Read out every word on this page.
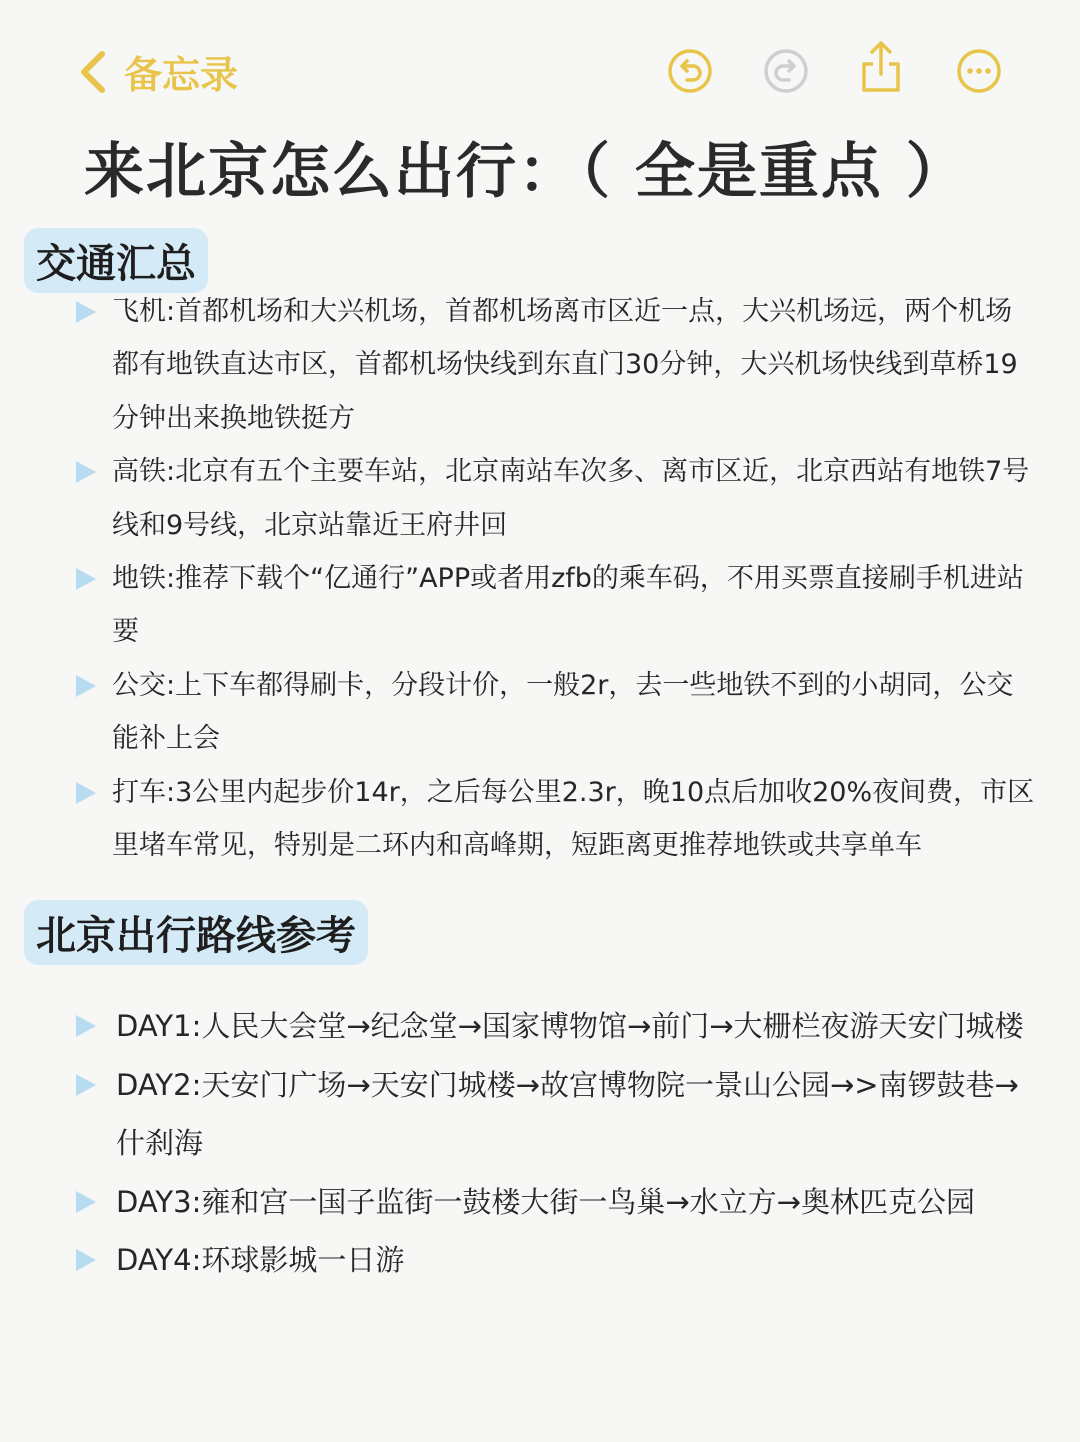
备忘录
来北京怎么出行：（ 全是重点 ）
交通汇总
飞机:首都机场和大兴机场，首都机场离市区近一点，大兴机场远，两个机场都有地铁直达市区，首都机场快线到东直门30分钟，大兴机场快线到草桥19分钟出来换地铁挺方
高铁:北京有五个主要车站，北京南站车次多、离市区近，北京西站有地铁7号线和9号线，北京站靠近王府井回
地铁:推荐下载个“亿通行”APP或者用zfb的乘车码，不用买票直接刷手机进站要
公交:上下车都得刷卡，分段计价，一般2r，去一些地铁不到的小胡同，公交能补上会
打车:3公里内起步价14r，之后每公里2.3r，晚10点后加收20%夜间费，市区里堵车常见，特别是二环内和高峰期，短距离更推荐地铁或共享单车
北京出行路线参考
DAY1:人民大会堂→纪念堂→国家博物馆→前门→大栅栏夜游天安门城楼
DAY2:天安门广场→天安门城楼→故宫博物院一景山公园→>南锣鼓巷→什刹海
DAY3:雍和宫一国子监街一鼓楼大街一鸟巢→水立方→奥林匹克公园
DAY4:环球影城一日游
